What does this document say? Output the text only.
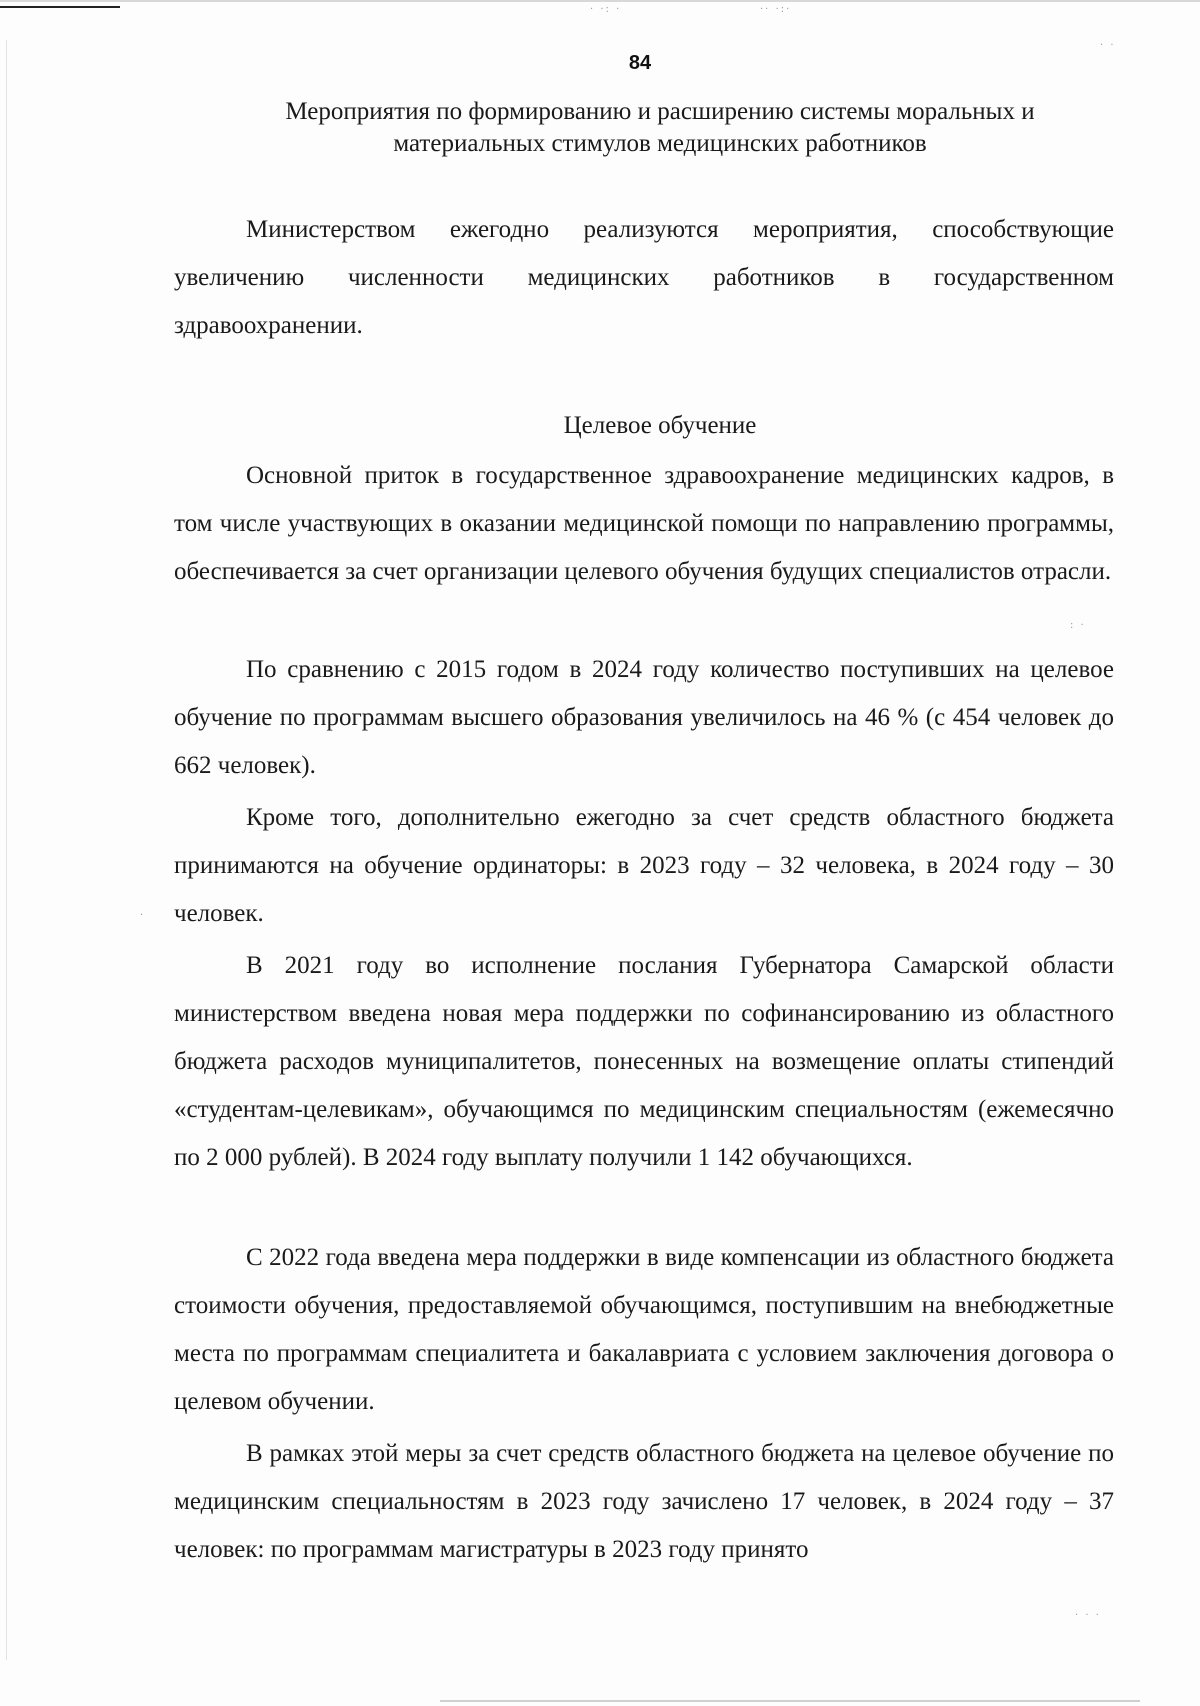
· ·: ·	·· ·:·
· ·
: ·
· · ·
·
84
Мероприятия по формированию и расширению системы моральных и материальных стимулов медицинских работников

Министерством ежегодно реализуются мероприятия, способствующие увеличению численности медицинских работников в государственном здравоохранении.

Целевое обучение

Основной приток в государственное здравоохранение медицинских кадров, в том числе участвующих в оказании медицинской помощи по направлению программы, обеспечивается за счет организации целевого обучения будущих специалистов отрасли.

По сравнению с 2015 годом в 2024 году количество поступивших на целевое обучение по программам высшего образования увеличилось на 46 % (с 454 человек до 662 человек).

Кроме того, дополнительно ежегодно за счет средств областного бюджета принимаются на обучение ординаторы: в 2023 году – 32 человека, в 2024 году – 30 человек.

В 2021 году во исполнение послания Губернатора Самарской области министерством введена новая мера поддержки по софинансированию из областного бюджета расходов муниципалитетов, понесенных на возмещение оплаты стипендий «студентам-целевикам», обучающимся по медицинским специальностям (ежемесячно по 2 000 рублей). В 2024 году выплату получили 1 142 обучающихся.

С 2022 года введена мера поддержки в виде компенсации из областного бюджета стоимости обучения, предоставляемой обучающимся, поступившим на внебюджетные места по программам специалитета и бакалавриата с условием заключения договора о целевом обучении.

В рамках этой меры за счет средств областного бюджета на целевое обучение по медицинским специальностям в 2023 году зачислено 17 человек, в 2024 году – 37 человек: по программам магистратуры в 2023 году принято
